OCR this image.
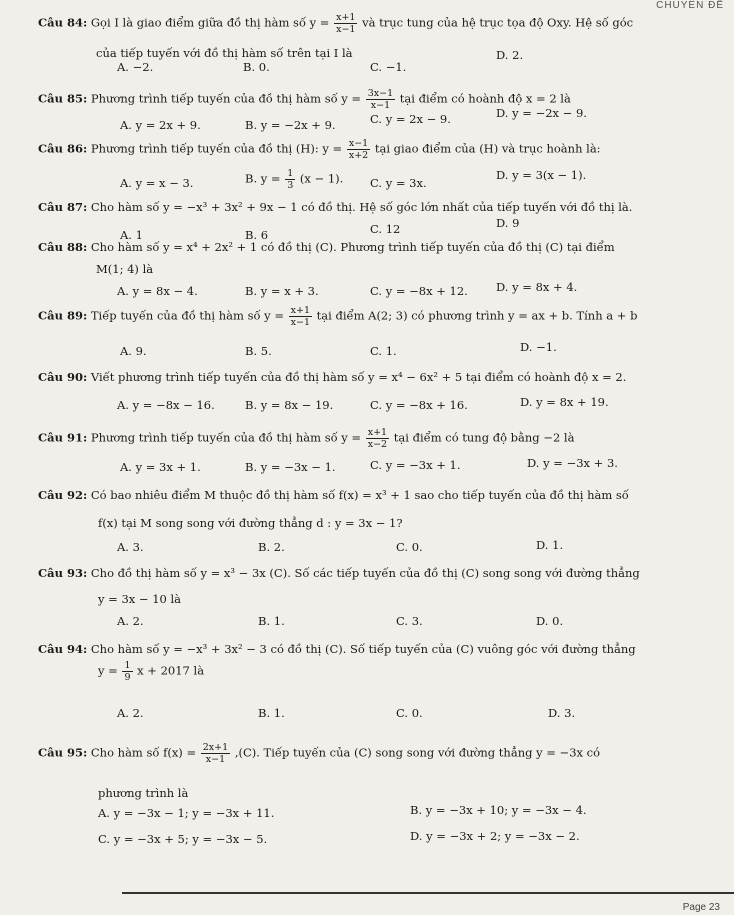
CHUYÊN ĐỀ
Câu 84: Gọi I là giao điểm giữa đồ thị hàm số $y = \frac{x+1}{x-1}$ và trục tung của hệ trục tọa độ Oxy. Hệ số góc
của tiếp tuyến với đồ thị hàm số trên tại I là
A. −2.	B. 0.	C. −1.
D. 2.
Câu 85: Phương trình tiếp tuyến của đồ thị hàm số $y = \frac{3x-1}{x-1}$ tại điểm có hoành độ x = 2 là
A. y = 2x + 9.	B. y = −2x + 9.	C. y = 2x − 9.	D. y = −2x − 9.
Câu 86: Phương trình tiếp tuyến của đồ thị (H): $y = \frac{x-1}{x+2}$ tại giao điểm của (H) và trục hoành là:
A. y = x − 3.	B. $y = \frac{1}{3} (x - 1)$. C. y = 3x.
D. y = 3(x − 1).
Câu 87: Cho hàm số y = −x³ + 3x² + 9x − 1 có đồ thị. Hệ số góc lớn nhất của tiếp tuyến với đồ thị là.
A. 1	B. 6	C. 12	D. 9
Câu 88: Cho hàm số y = x⁴ + 2x² + 1 có đồ thị (C). Phương trình tiếp tuyến của đồ thị (C) tại điểm
M(1; 4) là
A. y = 8x − 4.	B. y = x + 3.	C. y = −8x + 12. D. y = 8x + 4.
Câu 89: Tiếp tuyến của đồ thị hàm số $y = \frac{x+1}{x-1}$ tại điểm A(2; 3) có phương trình y = ax + b. Tính a + b
A. 9.	B. 5.	C. 1.	D. −1.
Câu 90: Viết phương trình tiếp tuyến của đồ thị hàm số y = x⁴ − 6x² + 5 tại điểm có hoành độ x = 2.
A. y = −8x − 16.	B. y = 8x − 19.	C. y = −8x + 16.	D. y = 8x + 19.
Câu 91: Phương trình tiếp tuyến của đồ thị hàm số $y = \frac{x+1}{x-2}$ tại điểm có tung độ bằng −2 là
A. y = 3x + 1.	B. y = −3x − 1.	C. y = −3x + 1.	D. y = −3x + 3.
Câu 92: Có bao nhiêu điểm M thuộc đồ thị hàm số f(x) = x³ + 1 sao cho tiếp tuyến của đồ thị hàm số
f(x) tại M song song với đường thẳng d : y = 3x − 1?
A. 3.	B. 2.	C. 0.	D. 1.
Câu 93: Cho đồ thị hàm số y = x³ − 3x (C). Số các tiếp tuyến của đồ thị (C) song song với đường thẳng
y = 3x − 10 là
A. 2.	B. 1.	C. 3.	D. 0.
Câu 94: Cho hàm số y = −x³ + 3x² − 3 có đồ thị (C). Số tiếp tuyến của (C) vuông góc với đường thẳng
$y = \frac{1}{9}$ x + 2017 là
A. 2.	B. 1.	C. 0.	D. 3.
Câu 95: Cho hàm số $f(x) = \frac{2x+1}{x-1} ,(C)$. Tiếp tuyến của (C) song song với đường thẳng y = −3x có
phương trình là
A. y = −3x − 1; y = −3x + 11.	B. y = −3x + 10; y = −3x − 4.
C. y = −3x + 5; y = −3x − 5.	D. y = −3x + 2; y = −3x − 2.
Page 23
